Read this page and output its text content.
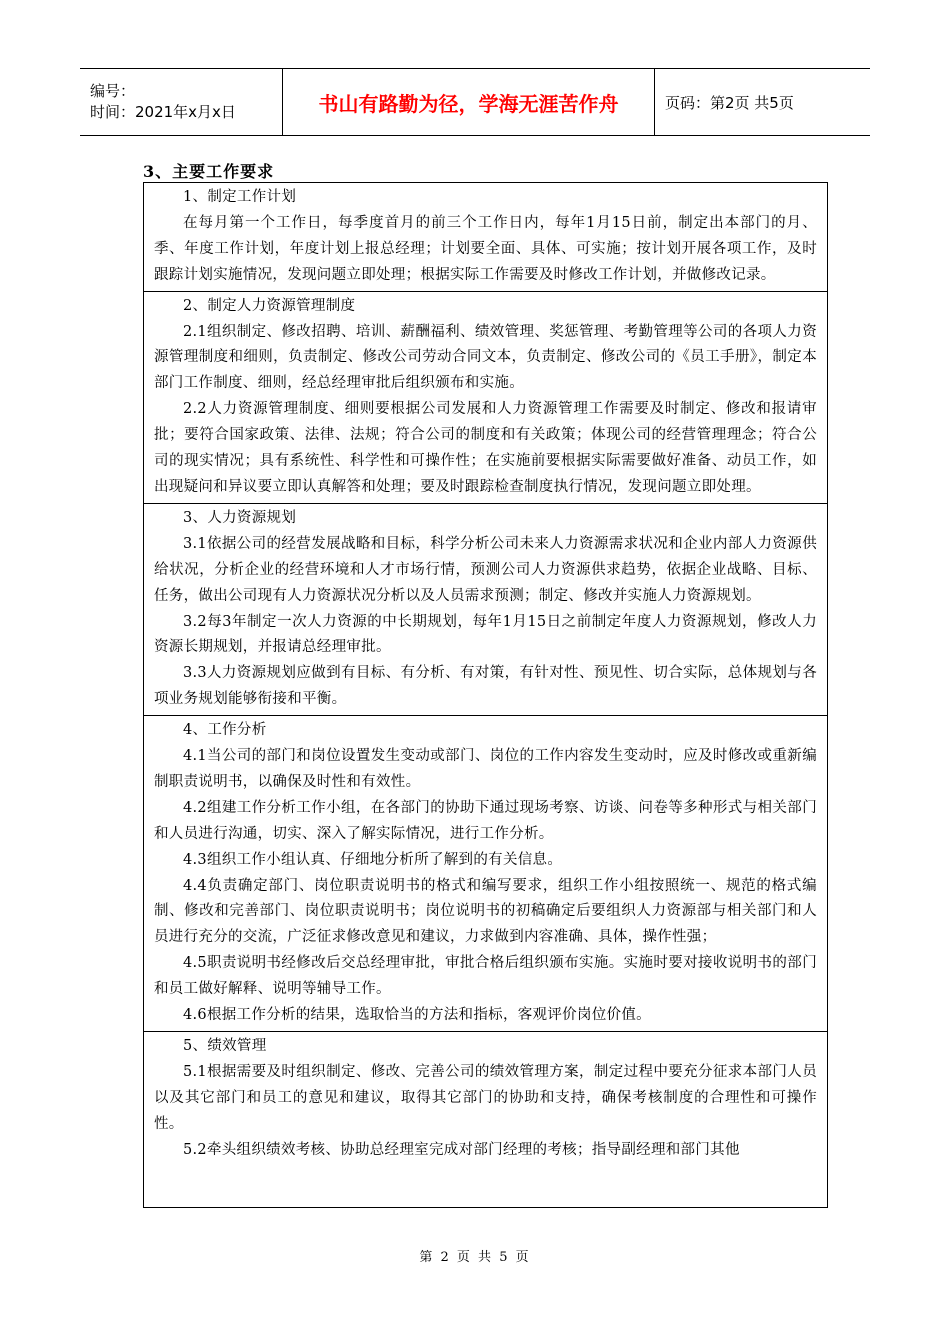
编号：
时间：2021年x月x日	书山有路勤为径，学海无涯苦作舟	页码：第2页 共5页
3、主要工作要求

1、制定工作计划

在每月第一个工作日，每季度首月的前三个工作日内，每年1月15日前，制定出本部门的月、季、年度工作计划，年度计划上报总经理；计划要全面、具体、可实施；按计划开展各项工作，及时跟踪计划实施情况，发现问题立即处理；根据实际工作需要及时修改工作计划，并做修改记录。

2、制定人力资源管理制度

2.1组织制定、修改招聘、培训、薪酬福利、绩效管理、奖惩管理、考勤管理等公司的各项人力资源管理制度和细则，负责制定、修改公司劳动合同文本，负责制定、修改公司的《员工手册》，制定本部门工作制度、细则，经总经理审批后组织颁布和实施。

2.2人力资源管理制度、细则要根据公司发展和人力资源管理工作需要及时制定、修改和报请审批；要符合国家政策、法律、法规；符合公司的制度和有关政策；体现公司的经营管理理念；符合公司的现实情况；具有系统性、科学性和可操作性；在实施前要根据实际需要做好准备、动员工作，如出现疑问和异议要立即认真解答和处理；要及时跟踪检查制度执行情况，发现问题立即处理。

3、人力资源规划

3.1依据公司的经营发展战略和目标，科学分析公司未来人力资源需求状况和企业内部人力资源供给状况，分析企业的经营环境和人才市场行情，预测公司人力资源供求趋势，依据企业战略、目标、任务，做出公司现有人力资源状况分析以及人员需求预测；制定、修改并实施人力资源规划。

3.2每3年制定一次人力资源的中长期规划，每年1月15日之前制定年度人力资源规划，修改人力资源长期规划，并报请总经理审批。

3.3人力资源规划应做到有目标、有分析、有对策，有针对性、预见性、切合实际，总体规划与各项业务规划能够衔接和平衡。

4、工作分析

4.1当公司的部门和岗位设置发生变动或部门、岗位的工作内容发生变动时，应及时修改或重新编制职责说明书，以确保及时性和有效性。

4.2组建工作分析工作小组，在各部门的协助下通过现场考察、访谈、问卷等多种形式与相关部门和人员进行沟通，切实、深入了解实际情况，进行工作分析。

4.3组织工作小组认真、仔细地分析所了解到的有关信息。

4.4负责确定部门、岗位职责说明书的格式和编写要求，组织工作小组按照统一、规范的格式编制、修改和完善部门、岗位职责说明书；岗位说明书的初稿确定后要组织人力资源部与相关部门和人员进行充分的交流，广泛征求修改意见和建议，力求做到内容准确、具体，操作性强；

4.5职责说明书经修改后交总经理审批，审批合格后组织颁布实施。实施时要对接收说明书的部门和员工做好解释、说明等辅导工作。

4.6根据工作分析的结果，选取恰当的方法和指标，客观评价岗位价值。

5、绩效管理

5.1根据需要及时组织制定、修改、完善公司的绩效管理方案，制定过程中要充分征求本部门人员以及其它部门和员工的意见和建议，取得其它部门的协助和支持，确保考核制度的合理性和可操作性。

5.2牵头组织绩效考核、协助总经理室完成对部门经理的考核；指导副经理和部门其他

第 2 页 共 5 页
